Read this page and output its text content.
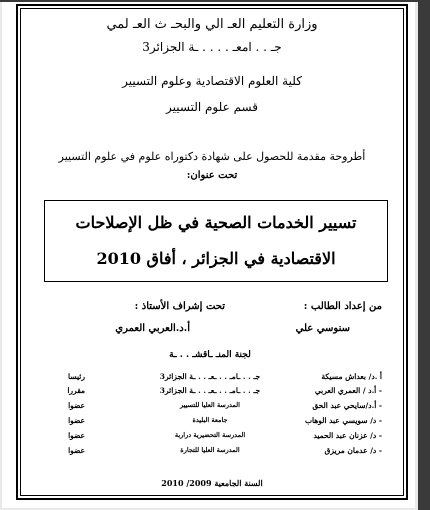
وزارة التعليم العـ الي والبحـ ث العـ لمي
جـ . . امعـ . . . . ـة الجزائر3
كلية العلوم الاقتصادية وعلوم التسيير
قسم علوم التسيير
أطروحة مقدمة للحصول على شهادة دكتوراه علوم في علوم التسيير
تحت عنوان:
تسيير الخدمات الصحية في ظل الإصلاحات
الاقتصادية في الجزائر ، أفاق 2010
من إعداد الطالب :
تحت إشراف الأستاذ :
سنوسي علي
أ.د.العربي العمري
لجنة المنـ ـاقشـ . . ـة
أ .د/ بعداش مسيكة
جـ . . ـامـ . . ـعـ . . ـة الجزائر3
رئيسا
- أ.د / العمري العربي
جـ . . ـامـ . . ـعـ . . ـة الجزائر3
مقررا
- أ.د/سايحي عبد الحق
المدرسة العليا للتسيير
عضوا
- د/ سويسي عبد الوهاب
جامعة البليدة
عضوا
- د/ عزنان عبد الحميد
المدرسة التحضيرية دراربة
عضوا
- د/ عدمان مريزق
المدرسة العليا للتجارة
عضوا
السنة الجامعية 2009/ 2010
